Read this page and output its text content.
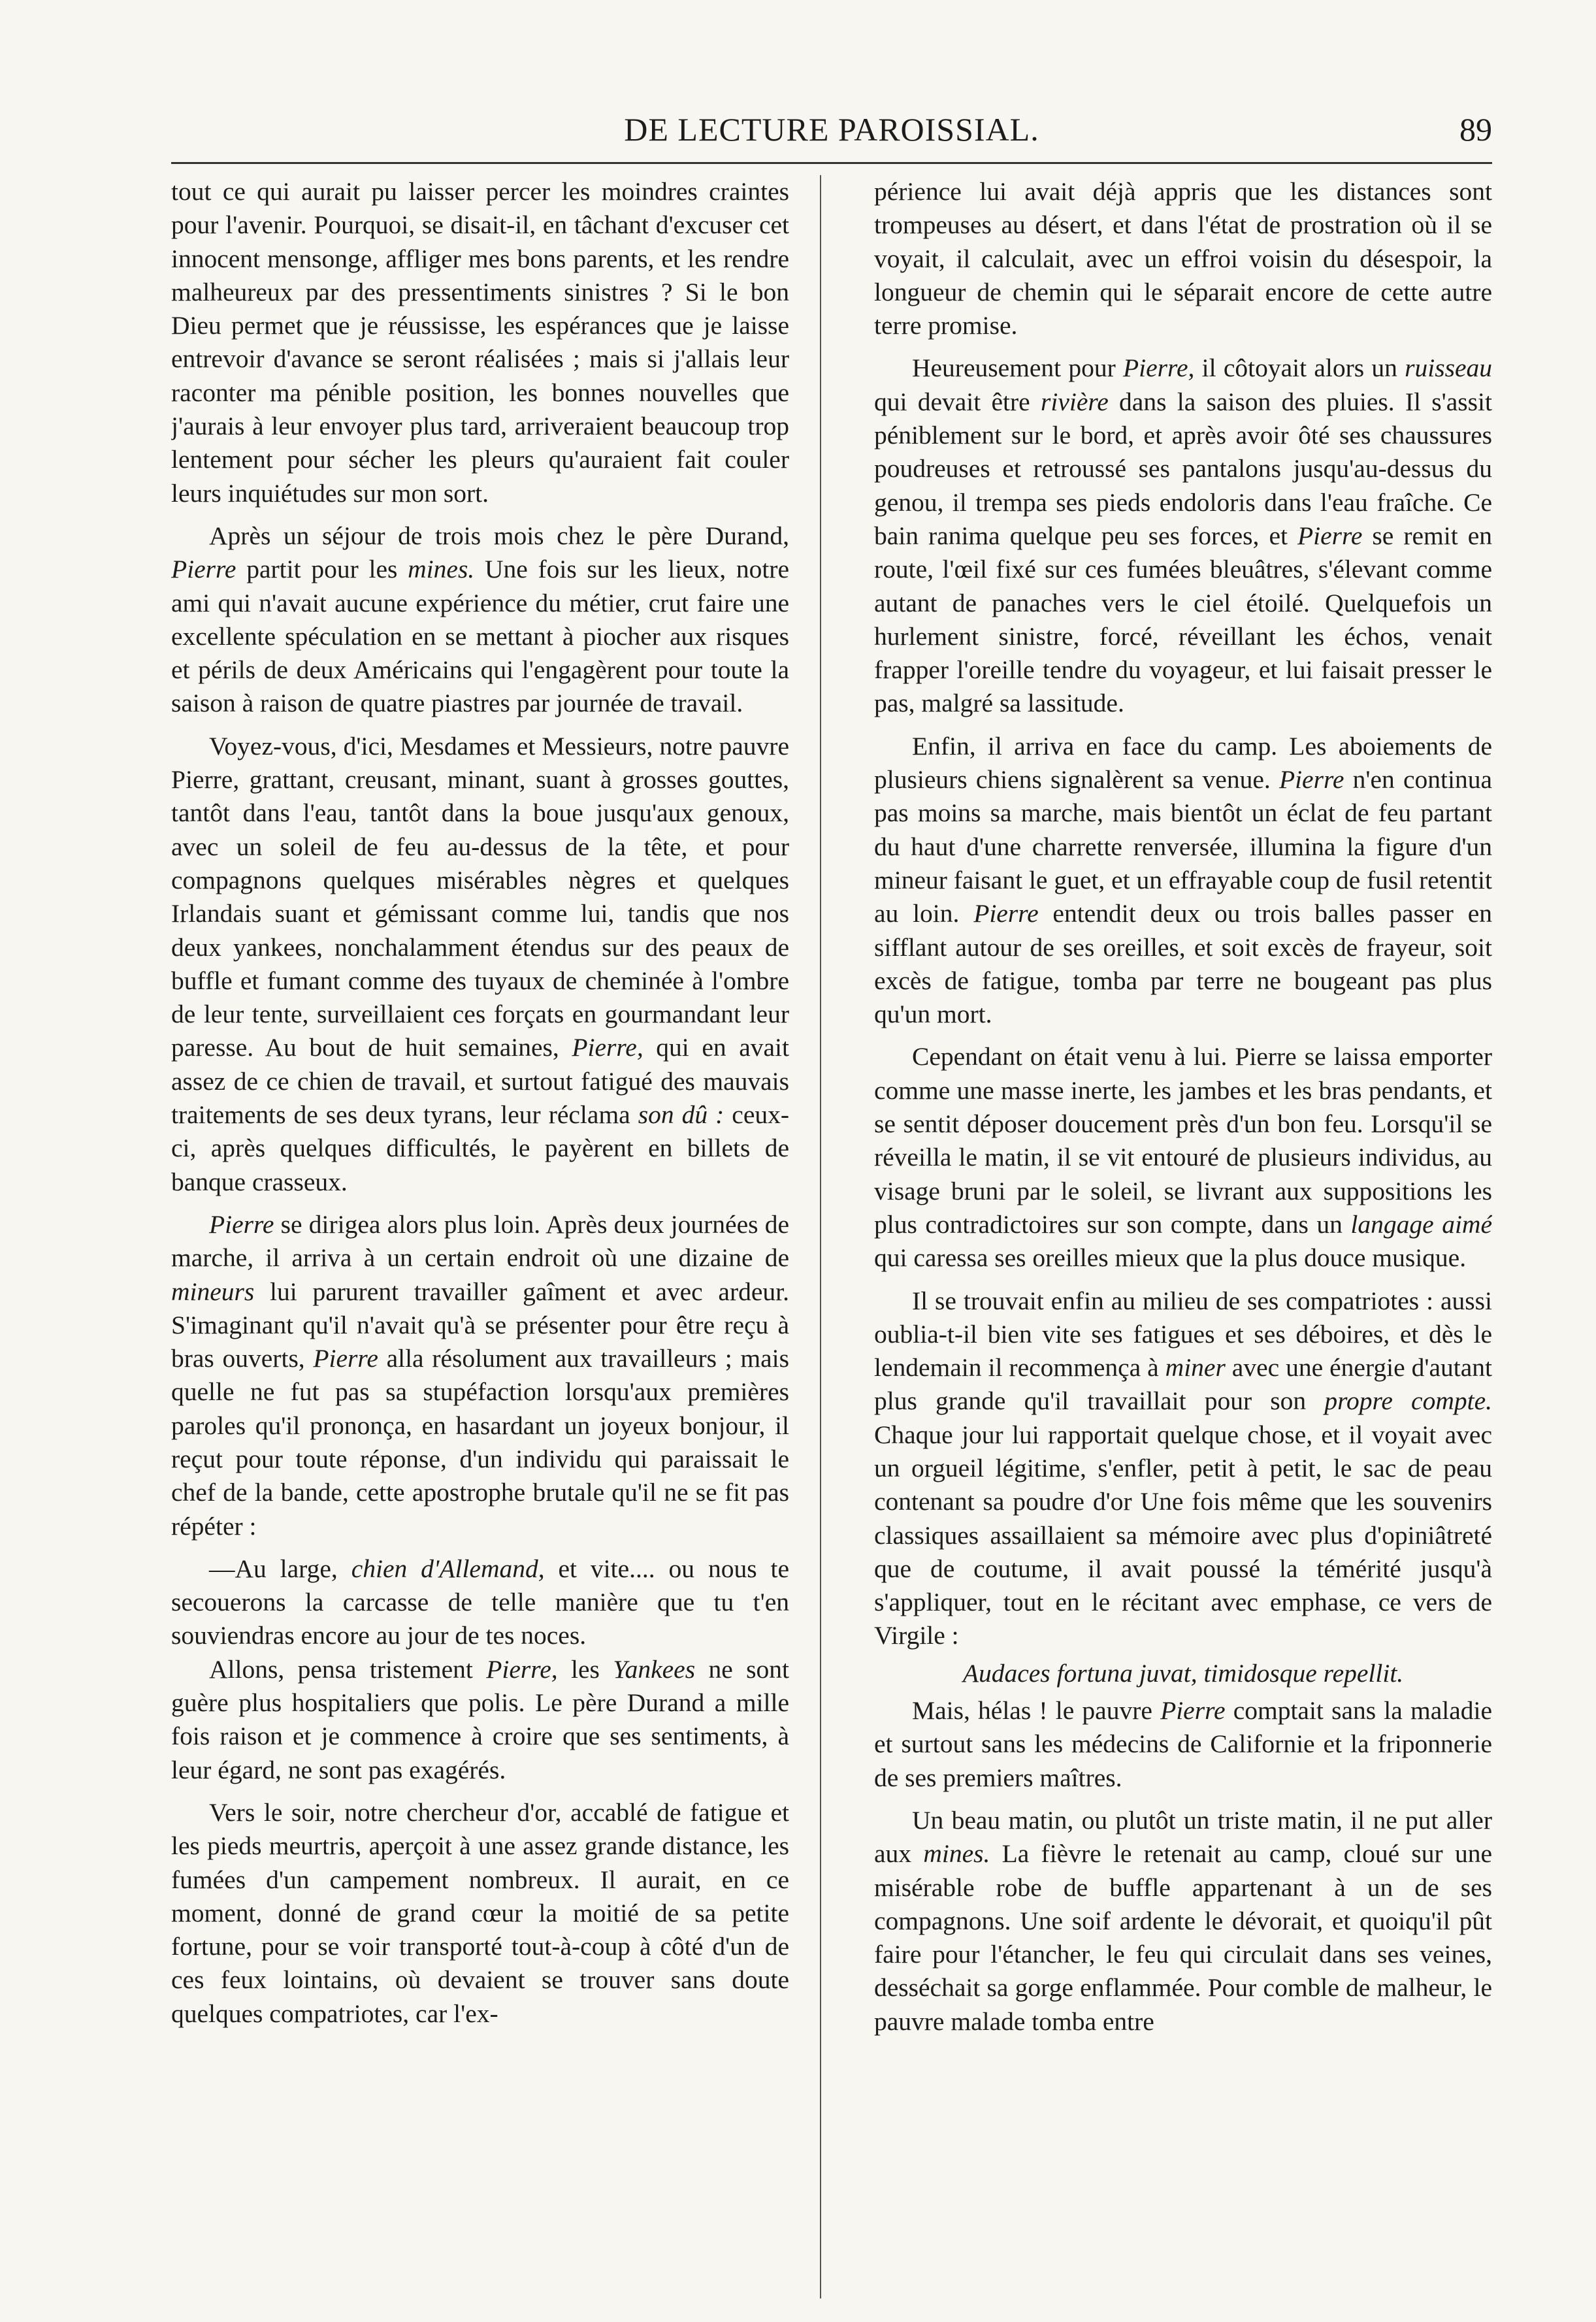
DE LECTURE PAROISSIAL.	89

tout ce qui aurait pu laisser percer les moindres craintes pour l'avenir. Pourquoi, se disait-il, en tâchant d'excuser cet innocent mensonge, affliger mes bons parents, et les rendre malheureux par des pressentiments sinistres ? Si le bon Dieu permet que je réussisse, les espérances que je laisse entrevoir d'avance se seront réalisées ; mais si j'allais leur raconter ma pénible position, les bonnes nouvelles que j'aurais à leur envoyer plus tard, arriveraient beaucoup trop lentement pour sécher les pleurs qu'auraient fait couler leurs inquiétudes sur mon sort.

Après un séjour de trois mois chez le père Durand, Pierre partit pour les mines. Une fois sur les lieux, notre ami qui n'avait aucune expérience du métier, crut faire une excellente spéculation en se mettant à piocher aux risques et périls de deux Américains qui l'engagèrent pour toute la saison à raison de quatre piastres par journée de travail.

Voyez-vous, d'ici, Mesdames et Messieurs, notre pauvre Pierre, grattant, creusant, minant, suant à grosses gouttes, tantôt dans l'eau, tantôt dans la boue jusqu'aux genoux, avec un soleil de feu au-dessus de la tête, et pour compagnons quelques misérables nègres et quelques Irlandais suant et gémissant comme lui, tandis que nos deux yankees, nonchalamment étendus sur des peaux de buffle et fumant comme des tuyaux de cheminée à l'ombre de leur tente, surveillaient ces forçats en gourmandant leur paresse. Au bout de huit semaines, Pierre, qui en avait assez de ce chien de travail, et surtout fatigué des mauvais traitements de ses deux tyrans, leur réclama son dû : ceux-ci, après quelques difficultés, le payèrent en billets de banque crasseux.

Pierre se dirigea alors plus loin. Après deux journées de marche, il arriva à un certain endroit où une dizaine de mineurs lui parurent travailler gaîment et avec ardeur. S'imaginant qu'il n'avait qu'à se présenter pour être reçu à bras ouverts, Pierre alla résolument aux travailleurs ; mais quelle ne fut pas sa stupéfaction lorsqu'aux premières paroles qu'il prononça, en hasardant un joyeux bonjour, il reçut pour toute réponse, d'un individu qui paraissait le chef de la bande, cette apostrophe brutale qu'il ne se fit pas répéter :

—Au large, chien d'Allemand, et vite.... ou nous te secouerons la carcasse de telle manière que tu t'en souviendras encore au jour de tes noces.

Allons, pensa tristement Pierre, les Yankees ne sont guère plus hospitaliers que polis. Le père Durand a mille fois raison et je commence à croire que ses sentiments, à leur égard, ne sont pas exagérés.

Vers le soir, notre chercheur d'or, accablé de fatigue et les pieds meurtris, aperçoit à une assez grande distance, les fumées d'un campement nombreux. Il aurait, en ce moment, donné de grand cœur la moitié de sa petite fortune, pour se voir transporté tout-à-coup à côté d'un de ces feux lointains, où devaient se trouver sans doute quelques compatriotes, car l'ex-

périence lui avait déjà appris que les distances sont trompeuses au désert, et dans l'état de prostration où il se voyait, il calculait, avec un effroi voisin du désespoir, la longueur de chemin qui le séparait encore de cette autre terre promise.

Heureusement pour Pierre, il côtoyait alors un ruisseau qui devait être rivière dans la saison des pluies. Il s'assit péniblement sur le bord, et après avoir ôté ses chaussures poudreuses et retroussé ses pantalons jusqu'au-dessus du genou, il trempa ses pieds endoloris dans l'eau fraîche. Ce bain ranima quelque peu ses forces, et Pierre se remit en route, l'œil fixé sur ces fumées bleuâtres, s'élevant comme autant de panaches vers le ciel étoilé. Quelquefois un hurlement sinistre, forcé, réveillant les échos, venait frapper l'oreille tendre du voyageur, et lui faisait presser le pas, malgré sa lassitude.

Enfin, il arriva en face du camp. Les aboiements de plusieurs chiens signalèrent sa venue. Pierre n'en continua pas moins sa marche, mais bientôt un éclat de feu partant du haut d'une charrette renversée, illumina la figure d'un mineur faisant le guet, et un effrayable coup de fusil retentit au loin. Pierre entendit deux ou trois balles passer en sifflant autour de ses oreilles, et soit excès de frayeur, soit excès de fatigue, tomba par terre ne bougeant pas plus qu'un mort.

Cependant on était venu à lui. Pierre se laissa emporter comme une masse inerte, les jambes et les bras pendants, et se sentit déposer doucement près d'un bon feu. Lorsqu'il se réveilla le matin, il se vit entouré de plusieurs individus, au visage bruni par le soleil, se livrant aux suppositions les plus contradictoires sur son compte, dans un langage aimé qui caressa ses oreilles mieux que la plus douce musique.

Il se trouvait enfin au milieu de ses compatriotes : aussi oublia-t-il bien vite ses fatigues et ses déboires, et dès le lendemain il recommença à miner avec une énergie d'autant plus grande qu'il travaillait pour son propre compte. Chaque jour lui rapportait quelque chose, et il voyait avec un orgueil légitime, s'enfler, petit à petit, le sac de peau contenant sa poudre d'or Une fois même que les souvenirs classiques assaillaient sa mémoire avec plus d'opiniâtreté que de coutume, il avait poussé la témérité jusqu'à s'appliquer, tout en le récitant avec emphase, ce vers de Virgile :

Audaces fortuna juvat, timidosque repellit.

Mais, hélas ! le pauvre Pierre comptait sans la maladie et surtout sans les médecins de Californie et la friponnerie de ses premiers maîtres.

Un beau matin, ou plutôt un triste matin, il ne put aller aux mines. La fièvre le retenait au camp, cloué sur une misérable robe de buffle appartenant à un de ses compagnons. Une soif ardente le dévorait, et quoiqu'il pût faire pour l'étancher, le feu qui circulait dans ses veines, desséchait sa gorge enflammée. Pour comble de malheur, le pauvre malade tomba entre
